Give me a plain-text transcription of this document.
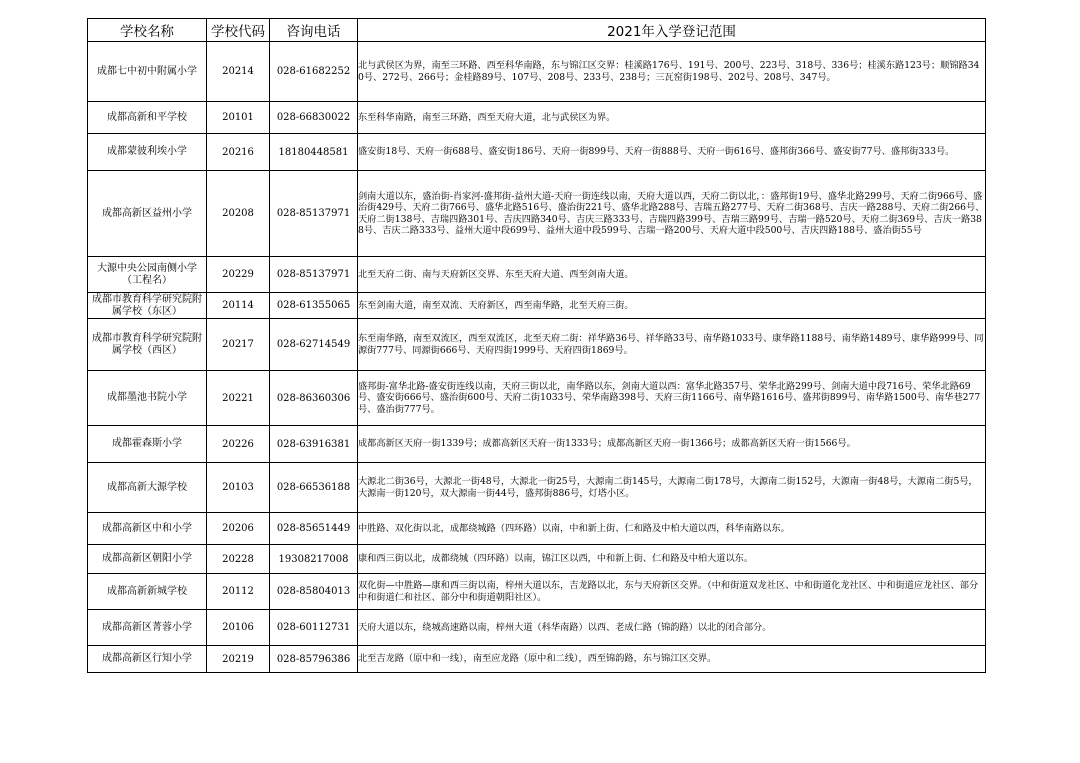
学校名称	学校代码	咨询电话	2021年入学登记范围
成都七中初中附属小学	20214	028-61682252	北与武侯区为界，南至三环路、西至科华南路，东与锦江区交界：桂溪路176号、191号、200号、223号、318号、336号；桂溪东路123号；顺锦路340号、272号、266号；金桂路89号、107号、208号、233号、238号；三瓦窑街198号、202号、208号、347号。
成都高新和平学校	20101	028-66830022	东至科华南路，南至三环路，西至天府大道，北与武侯区为界。
成都蒙彼利埃小学	20216	18180448581	盛安街18号、天府一街688号、盛安街186号、天府一街899号、天府一街888号、天府一街616号、盛邦街366号、盛安街77号、盛邦街333号。
成都高新区益州小学	20208	028-85137971	剑南大道以东，盛治街-肖家河-盛邦街-益州大道-天府一街连线以南，天府大道以西，天府二街以北，：盛邦街19号、盛华北路299号、天府二街966号、盛治街429号、天府二街766号、盛华北路516号、盛治街221号、盛华北路288号、吉瑞五路277号、天府二街368号、吉庆一路288号、天府二街266号、天府二街138号、吉瑞四路301号、吉庆四路340号、吉庆三路333号、吉瑞四路399号、吉瑞三路99号、吉瑞一路520号、天府二街369号、吉庆一路388号、吉庆二路333号、益州大道中段699号、益州大道中段599号、吉瑞一路200号、天府大道中段500号、吉庆四路188号、盛治街55号
大源中央公园南侧小学（工程名）	20229	028-85137971	北至天府二街、南与天府新区交界、东至天府大道、西至剑南大道。
成都市教育科学研究院附属学校（东区）	20114	028-61355065	东至剑南大道，南至双流、天府新区，西至南华路，北至天府三街。
成都市教育科学研究院附属学校（西区）	20217	028-62714549	东至南华路，南至双流区，西至双流区，北至天府二街：祥华路36号、祥华路33号、南华路1033号、康华路1188号、南华路1489号、康华路999号、同源街777号、同源街666号、天府四街1999号、天府四街1869号。
成都墨池书院小学	20221	028-86360306	盛邦街-富华北路-盛安街连线以南，天府三街以北，南华路以东，剑南大道以西：富华北路357号、荣华北路299号、剑南大道中段716号、荣华北路69号、盛安街666号、盛治街600号、天府二街1033号、荣华南路398号、天府三街1166号、南华路1616号、盛邦街899号、南华路1500号、南华巷277号、盛治街777号。
成都霍森斯小学	20226	028-63916381	成都高新区天府一街1339号；成都高新区天府一街1333号；成都高新区天府一街1366号；成都高新区天府一街1566号。
成都高新大源学校	20103	028-66536188	大源北二街36号，大源北一街48号，大源北一街25号，大源南二街145号，大源南二街178号，大源南二街152号，大源南一街48号，大源南二街5号，大源南一街120号，双大源南一街44号，盛邦街886号，灯塔小区。
成都高新区中和小学	20206	028-85651449	中胜路、双化街以北，成都绕城路（四环路）以南，中和新上街、仁和路及中柏大道以西，科华南路以东。
成都高新区朝阳小学	20228	19308217008	康和西三街以北，成都绕城（四环路）以南，锦江区以西，中和新上街、仁和路及中柏大道以东。
成都高新新城学校	20112	028-85804013	双化街—中胜路—康和西三街以南，梓州大道以东，吉龙路以北，东与天府新区交界。（中和街道双龙社区、中和街道化龙社区、中和街道应龙社区、部分中和街道仁和社区、部分中和街道朝阳社区）。
成都高新区菁蓉小学	20106	028-60112731	天府大道以东，绕城高速路以南，梓州大道（科华南路）以西、老成仁路（锦韵路）以北的闭合部分。
成都高新区行知小学	20219	028-85796386	北至吉龙路（原中和一线），南至应龙路（原中和二线），西至锦韵路，东与锦江区交界。
